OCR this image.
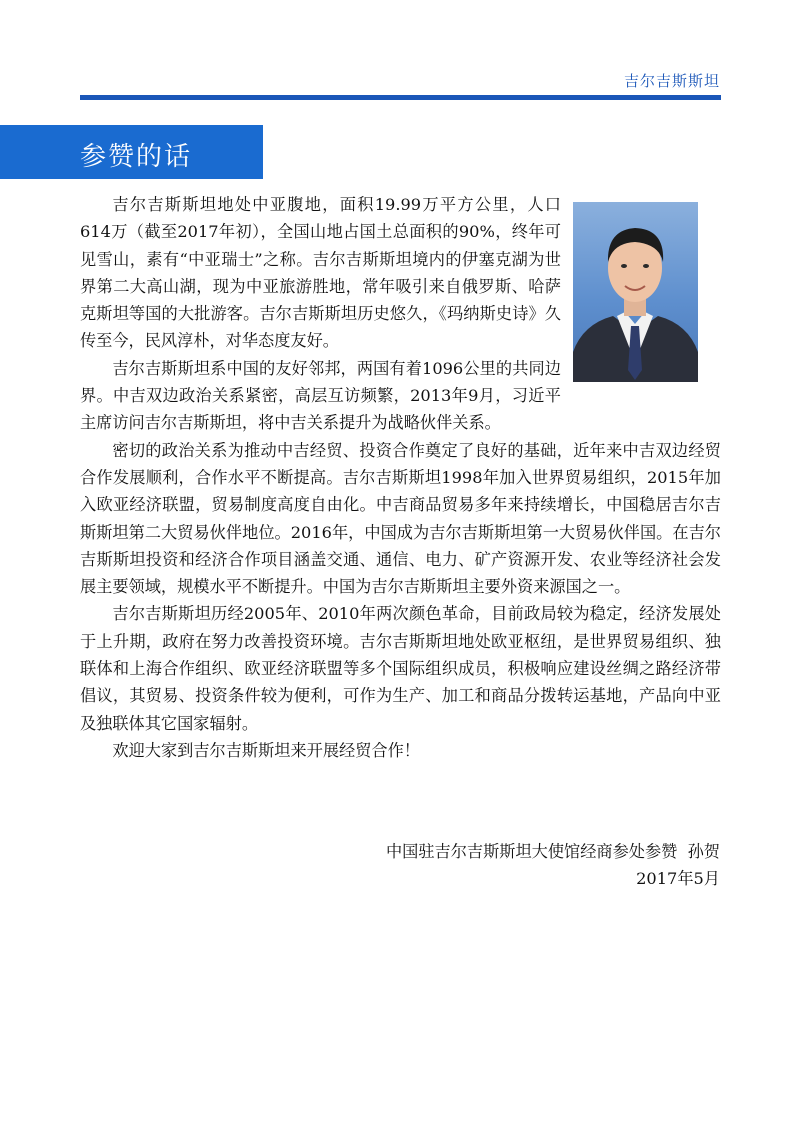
吉尔吉斯斯坦
参赞的话

吉尔吉斯斯坦地处中亚腹地，面积19.99万平方公里，人口614万（截至2017年初），全国山地占国土总面积的90%，终年可见雪山，素有“中亚瑞士”之称。吉尔吉斯斯坦境内的伊塞克湖为世界第二大高山湖，现为中亚旅游胜地，常年吸引来自俄罗斯、哈萨克斯坦等国的大批游客。吉尔吉斯斯坦历史悠久，《玛纳斯史诗》久传至今，民风淳朴，对华态度友好。

吉尔吉斯斯坦系中国的友好邻邦，两国有着1096公里的共同边界。中吉双边政治关系紧密，高层互访频繁，2013年9月，习近平主席访问吉尔吉斯斯坦，将中吉关系提升为战略伙伴关系。

密切的政治关系为推动中吉经贸、投资合作奠定了良好的基础，近年来中吉双边经贸合作发展顺利，合作水平不断提高。吉尔吉斯斯坦1998年加入世界贸易组织，2015年加入欧亚经济联盟，贸易制度高度自由化。中吉商品贸易多年来持续增长，中国稳居吉尔吉斯斯坦第二大贸易伙伴地位。2016年，中国成为吉尔吉斯斯坦第一大贸易伙伴国。在吉尔吉斯斯坦投资和经济合作项目涵盖交通、通信、电力、矿产资源开发、农业等经济社会发展主要领域，规模水平不断提升。中国为吉尔吉斯斯坦主要外资来源国之一。

吉尔吉斯斯坦历经2005年、2010年两次颜色革命，目前政局较为稳定，经济发展处于上升期，政府在努力改善投资环境。吉尔吉斯斯坦地处欧亚枢纽，是世界贸易组织、独联体和上海合作组织、欧亚经济联盟等多个国际组织成员，积极响应建设丝绸之路经济带倡议，其贸易、投资条件较为便利，可作为生产、加工和商品分拨转运基地，产品向中亚及独联体其它国家辐射。

欢迎大家到吉尔吉斯斯坦来开展经贸合作！

中国驻吉尔吉斯斯坦大使馆经商参处参赞  孙贺
2017年5月
